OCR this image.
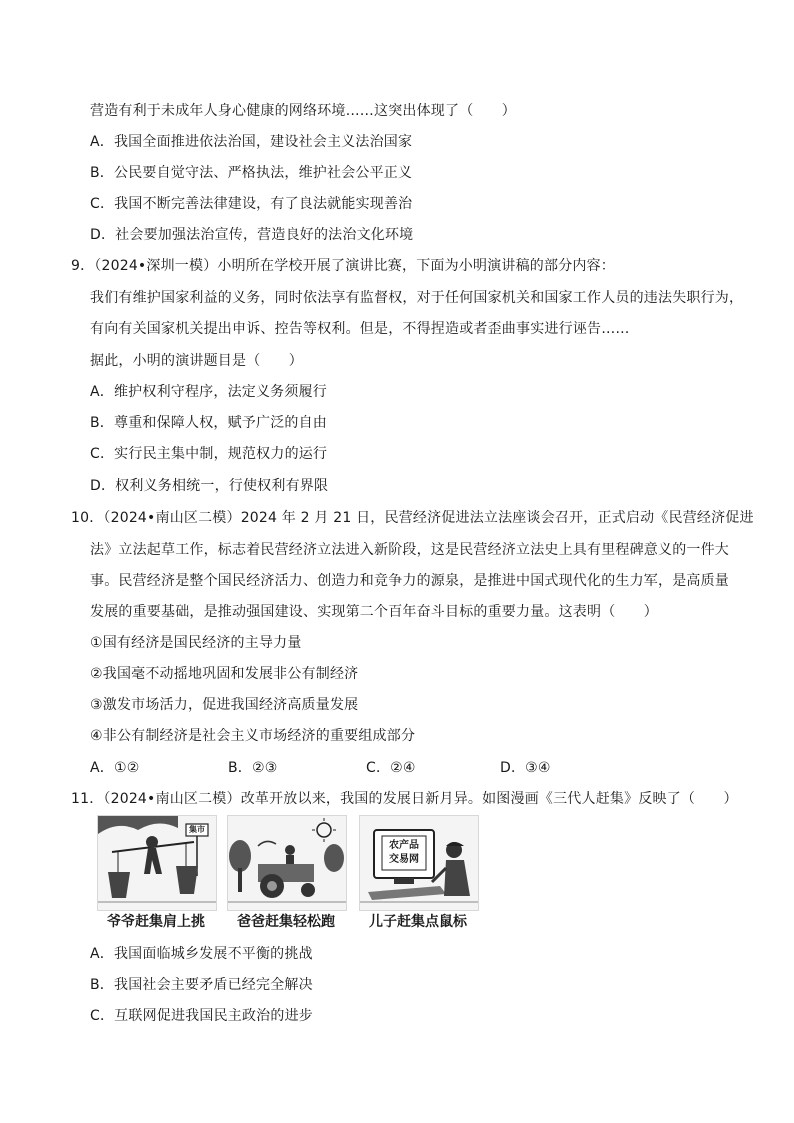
营造有利于未成年人身心健康的网络环境……这突出体现了（　　）
A．我国全面推进依法治国，建设社会主义法治国家
B．公民要自觉守法、严格执法，维护社会公平正义
C．我国不断完善法律建设，有了良法就能实现善治
D．社会要加强法治宣传，营造良好的法治文化环境
9．（2024•深圳一模）小明所在学校开展了演讲比赛，下面为小明演讲稿的部分内容：
我们有维护国家利益的义务，同时依法享有监督权，对于任何国家机关和国家工作人员的违法失职行为，
有向有关国家机关提出申诉、控告等权利。但是，不得捏造或者歪曲事实进行诬告……
据此，小明的演讲题目是（　　）
A．维护权利守程序，法定义务须履行
B．尊重和保障人权，赋予广泛的自由
C．实行民主集中制，规范权力的运行
D．权利义务相统一，行使权利有界限
10．（2024•南山区二模）2024 年 2 月 21 日，民营经济促进法立法座谈会召开，正式启动《民营经济促进
法》立法起草工作，标志着民营经济立法进入新阶段，这是民营经济立法史上具有里程碑意义的一件大
事。民营经济是整个国民经济活力、创造力和竞争力的源泉，是推进中国式现代化的生力军，是高质量
发展的重要基础，是推动强国建设、实现第二个百年奋斗目标的重要力量。这表明（　　）
①国有经济是国民经济的主导力量
②我国毫不动摇地巩固和发展非公有制经济
③激发市场活力，促进我国经济高质量发展
④非公有制经济是社会主义市场经济的重要组成部分
A．①②	B．②③	C．②④	D．③④
11．（2024•南山区二模）改革开放以来，我国的发展日新月异。如图漫画《三代人赶集》反映了（　　）
爷爷赶集肩上挑	爸爸赶集轻松跑
农产品
交易网
儿子赶集点鼠标
集市
A．我国面临城乡发展不平衡的挑战
B．我国社会主要矛盾已经完全解决
C．互联网促进我国民主政治的进步
